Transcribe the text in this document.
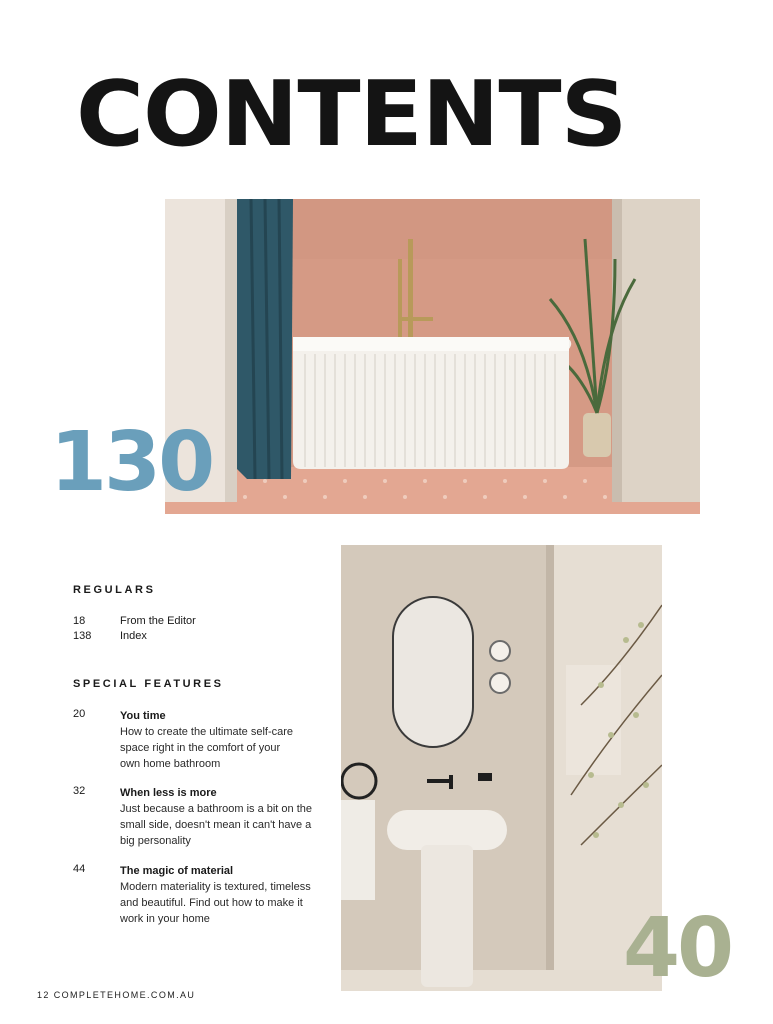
CONTENTS
130
40
REGULARS
18	From the Editor
138	Index
SPECIAL FEATURES
20	You time
How to create the ultimate self-care
space right in the comfort of your
own home bathroom
32	When less is more
Just because a bathroom is a bit on the
small side, doesn't mean it can't have a
big personality
44	The magic of material
Modern materiality is textured, timeless
and beautiful. Find out how to make it
work in your home
12 COMPLETEHOME.COM.AU
